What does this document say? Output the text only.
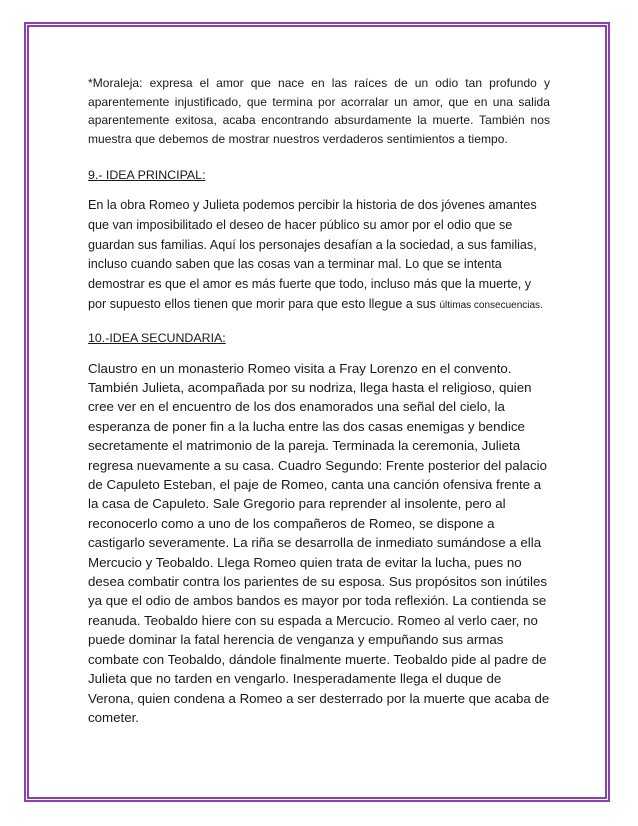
*Moraleja: expresa el amor que nace en las raíces de un odio tan profundo y aparentemente injustificado, que termina por acorralar un amor, que en una salida aparentemente exitosa, acaba encontrando absurdamente la muerte. También nos muestra que debemos de mostrar nuestros verdaderos sentimientos a tiempo.

9.- IDEA PRINCIPAL:

En la obra Romeo y Julieta podemos percibir la historia de dos jóvenes amantes que van imposibilitado el deseo de hacer público su amor por el odio que se guardan sus familias. Aquí los personajes desafían a la sociedad, a sus familias, incluso cuando saben que las cosas van a terminar mal. Lo que se intenta demostrar es que el amor es más fuerte que todo, incluso más que la muerte, y por supuesto ellos tienen que morir para que esto llegue a sus últimas consecuencias.

10.-IDEA SECUNDARIA:

Claustro en un monasterio Romeo visita a Fray Lorenzo en el convento. También Julieta, acompañada por su nodriza, llega hasta el religioso, quien cree ver en el encuentro de los dos enamorados una señal del cielo, la esperanza de poner fin a la lucha entre las dos casas enemigas y bendice secretamente el matrimonio de la pareja. Terminada la ceremonia, Julieta regresa nuevamente a su casa. Cuadro Segundo: Frente posterior del palacio de Capuleto Esteban, el paje de Romeo, canta una canción ofensiva frente a la casa de Capuleto. Sale Gregorio para reprender al insolente, pero al reconocerlo como a uno de los compañeros de Romeo, se dispone a castigarlo severamente. La riña se desarrolla de inmediato sumándose a ella Mercucio y Teobaldo. Llega Romeo quien trata de evitar la lucha, pues no desea combatir contra los parientes de su esposa. Sus propósitos son inútiles ya que el odio de ambos bandos es mayor por toda reflexión. La contienda se reanuda. Teobaldo hiere con su espada a Mercucio. Romeo al verlo caer, no puede dominar la fatal herencia de venganza y empuñando sus armas combate con Teobaldo, dándole finalmente muerte. Teobaldo pide al padre de Julieta que no tarden en vengarlo. Inesperadamente llega el duque de Verona, quien condena a Romeo a ser desterrado por la muerte que acaba de cometer.
